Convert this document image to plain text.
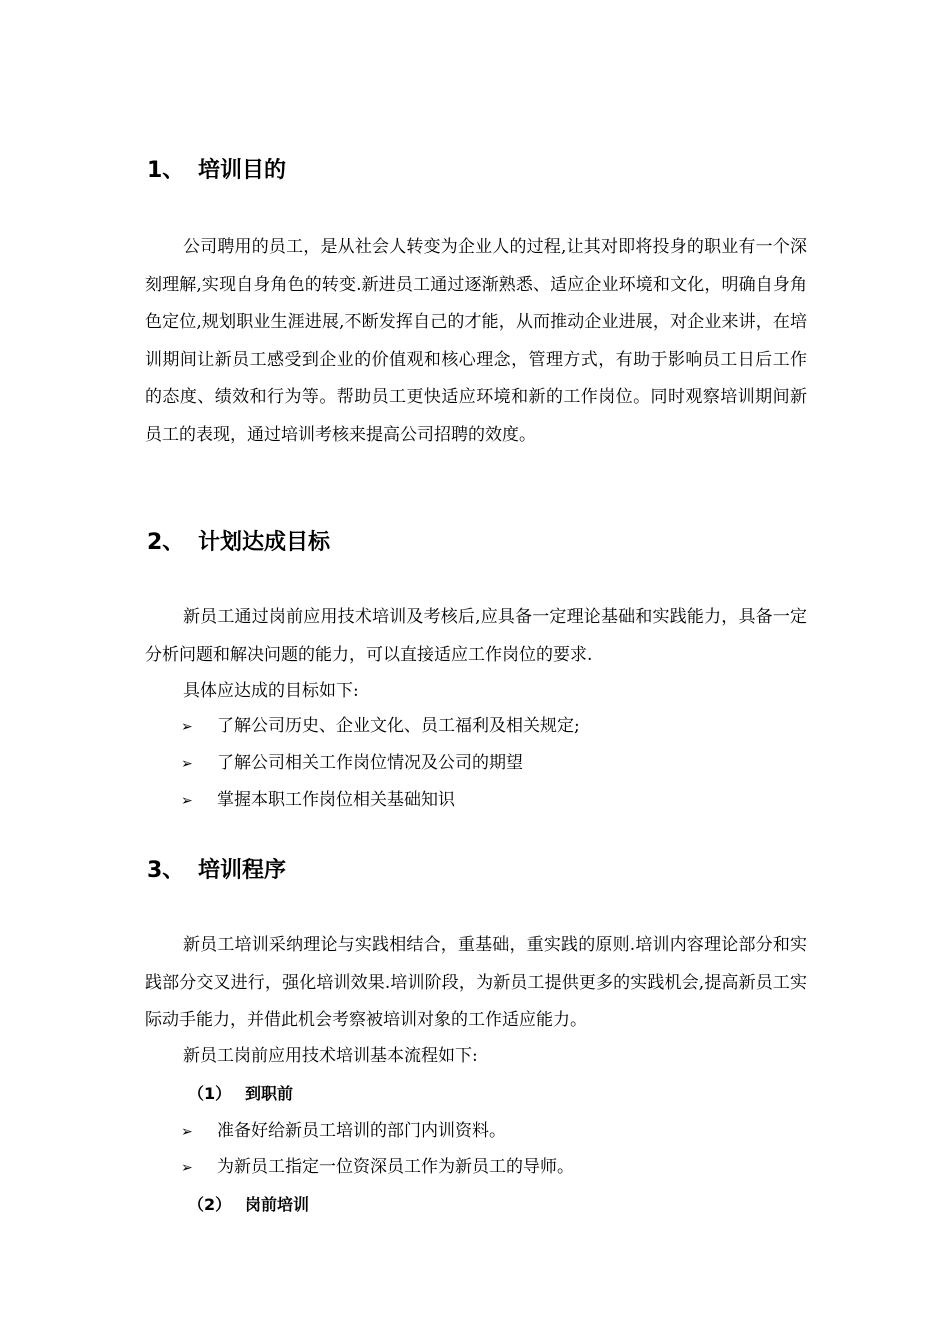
1、 培训目的
公司聘用的员工，是从社会人转变为企业人的过程,让其对即将投身的职业有一个深刻理解,实现自身角色的转变.新进员工通过逐渐熟悉、适应企业环境和文化，明确自身角色定位,规划职业生涯进展,不断发挥自己的才能，从而推动企业进展，对企业来讲，在培训期间让新员工感受到企业的价值观和核心理念，管理方式，有助于影响员工日后工作的态度、绩效和行为等。帮助员工更快适应环境和新的工作岗位。同时观察培训期间新员工的表现，通过培训考核来提高公司招聘的效度。
2、 计划达成目标
新员工通过岗前应用技术培训及考核后,应具备一定理论基础和实践能力，具备一定分析问题和解决问题的能力，可以直接适应工作岗位的要求.
具体应达成的目标如下:
➢ 了解公司历史、企业文化、员工福利及相关规定;
➢ 了解公司相关工作岗位情况及公司的期望
➢ 掌握本职工作岗位相关基础知识
3、 培训程序
新员工培训采纳理论与实践相结合，重基础，重实践的原则.培训内容理论部分和实践部分交叉进行，强化培训效果.培训阶段，为新员工提供更多的实践机会,提高新员工实际动手能力，并借此机会考察被培训对象的工作适应能力。
新员工岗前应用技术培训基本流程如下:
（1） 到职前
➢ 准备好给新员工培训的部门内训资料。
➢ 为新员工指定一位资深员工作为新员工的导师。
（2） 岗前培训
